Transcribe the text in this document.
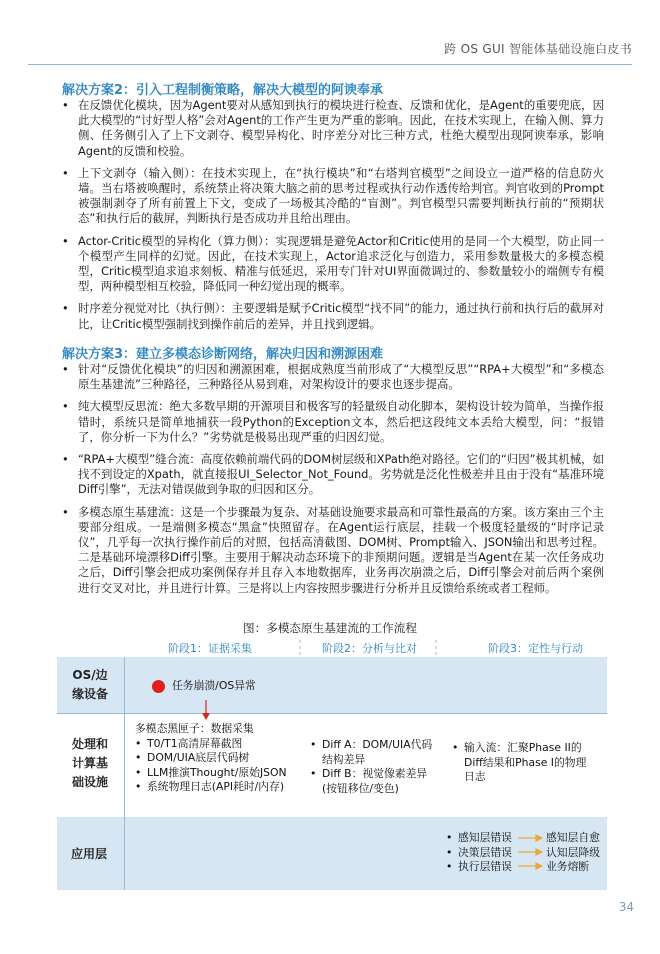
跨 OS GUI 智能体基础设施白皮书
解决方案2：引入工程制衡策略，解决大模型的阿谀奉承
• 在反馈优化模块，因为Agent要对从感知到执行的模块进行检查、反馈和优化，是Agent的重要兜底，因此大模型的“讨好型人格”会对Agent的工作产生更为严重的影响。因此，在技术实现上，在输入侧、算力侧、任务侧引入了上下文剥夺、模型异构化、时序差分对比三种方式，杜绝大模型出现阿谀奉承，影响Agent的反馈和校验。
• 上下文剥夺（输入侧）：在技术实现上，在“执行模块”和“右塔判官模型”之间设立一道严格的信息防火墙。当右塔被唤醒时，系统禁止将决策大脑之前的思考过程或执行动作透传给判官。判官收到的Prompt被强制剥夺了所有前置上下文，变成了一场极其冷酷的“盲测”。判官模型只需要判断执行前的“预期状态”和执行后的截屏，判断执行是否成功并且给出理由。
• Actor-Critic模型的异构化（算力侧）：实现逻辑是避免Actor和Critic使用的是同一个大模型，防止同一个模型产生同样的幻觉。因此，在技术实现上，Actor追求泛化与创造力，采用参数量极大的多模态模型，Critic模型追求追求刻板、精准与低延迟，采用专门针对UI界面微调过的、参数量较小的端侧专有模型，两种模型相互校验，降低同一种幻觉出现的概率。
• 时序差分视觉对比（执行侧）：主要逻辑是赋予Critic模型“找不同”的能力，通过执行前和执行后的截屏对比，让Critic模型强制找到操作前后的差异，并且找到逻辑。
解决方案3：建立多模态诊断网络，解决归因和溯源困难
• 针对“反馈优化模块”的归因和溯源困难，根据成熟度当前形成了“大模型反思”“RPA+大模型”和“多模态原生基建流”三种路径，三种路径从易到难，对架构设计的要求也逐步提高。
• 纯大模型反思流：绝大多数早期的开源项目和极客写的轻量级自动化脚本，架构设计较为简单，当操作报错时，系统只是简单地捕获一段Python的Exception文本，然后把这段纯文本丢给大模型，问：“报错了，你分析一下为什么？”劣势就是极易出现严重的归因幻觉。
• “RPA+大模型”缝合流：高度依赖前端代码的DOM树层级和XPath绝对路径。它们的“归因”极其机械，如找不到设定的Xpath，就直接报UI_Selector_Not_Found。劣势就是泛化性极差并且由于没有“基准环境Diff引擎”，无法对错误做到争取的归因和区分。
• 多模态原生基建流：这是一个步骤最为复杂、对基础设施要求最高和可靠性最高的方案。该方案由三个主要部分组成。一是端侧多模态“黑盒”快照留存。在Agent运行底层，挂载一个极度轻量级的“时序记录仪”，几乎每一次执行操作前后的对照，包括高清截图、DOM树、Prompt输入、JSON输出和思考过程。二是基础环境漂移Diff引擎。主要用于解决动态环境下的非预期问题。逻辑是当Agent在某一次任务成功之后，Diff引擎会把成功案例保存并且存入本地数据库，业务再次崩溃之后，Diff引擎会对前后两个案例进行交叉对比，并且进行计算。三是将以上内容按照步骤进行分析并且反馈给系统或者工程师。
图：多模态原生基建流的工作流程
阶段1：证据采集	阶段2：分析与比对	阶段3：定性与行动
OS/边缘设备
处理和计算基础设施
应用层
任务崩溃/OS异常
多模态黑匣子：数据采集
• T0/T1高清屏幕截图
• DOM/UIA底层代码树
• LLM推演Thought/原始JSON
• 系统物理日志(API耗时/内存)
• Diff A：DOM/UIA代码结构差异
• Diff B：视觉像素差异(按钮移位/变色)
• 输入流：汇聚Phase II的Diff结果和Phase I的物理日志
• 感知层错误
• 决策层错误
• 执行层错误
感知层自愈
认知层降级
业务熔断
34
